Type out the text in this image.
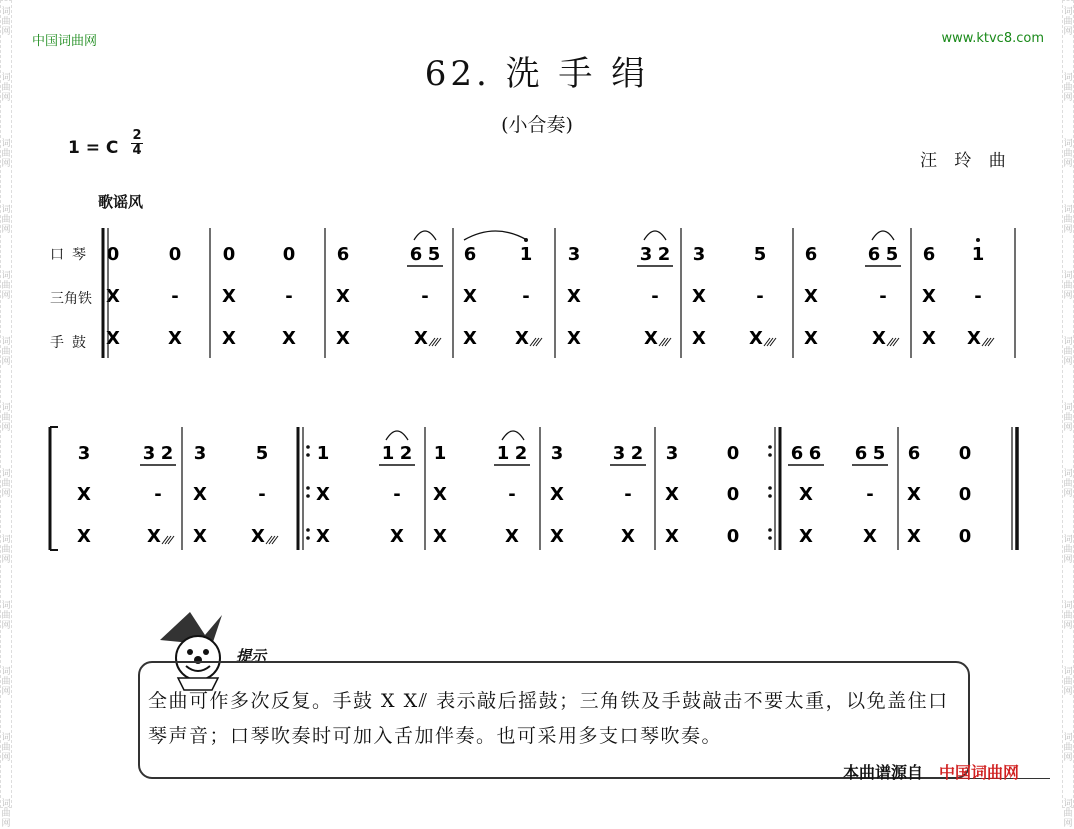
词曲网
词曲网
词曲网
词曲网
词曲网
词曲网
词曲网
词曲网
词曲网
词曲网
词曲网
词曲网
词曲网
词曲网
词曲网
词曲网
词曲网
词曲网
词曲网
词曲网
词曲网
词曲网
词曲网
词曲网
词曲网
词曲网
中国词曲网	www.ktvc8.com
62. 洗 手 绢
(小合奏)
1 = C
2
4
汪 玲 曲
歌谣风
口琴
三角铁
手鼓
0	0 0	0 6	6 5 6 1 3	3 2 3	5 6	6 5 6 1
X	- X	- X	- X	- X	- X	- X	- X -
X	X X	X X	X X X X	X X X X	X X X
3	3 2 3	5	1	1 2 1	1 2 3	3 2 3	0	6 6 6 5 6 0
X	- X	-	X	- X	- X	- X	0	X	- X 0
X	X X X	X	X X	X X	X X	0	X	X X 0
提示
全曲可作多次反复。手鼓 X X⫽ 表示敲后摇鼓；三角铁及手鼓敲击不要太重，以免盖住口琴声音；口琴吹奏时可加入舌加伴奏。也可采用多支口琴吹奏。
本曲谱源自 中国词曲网
